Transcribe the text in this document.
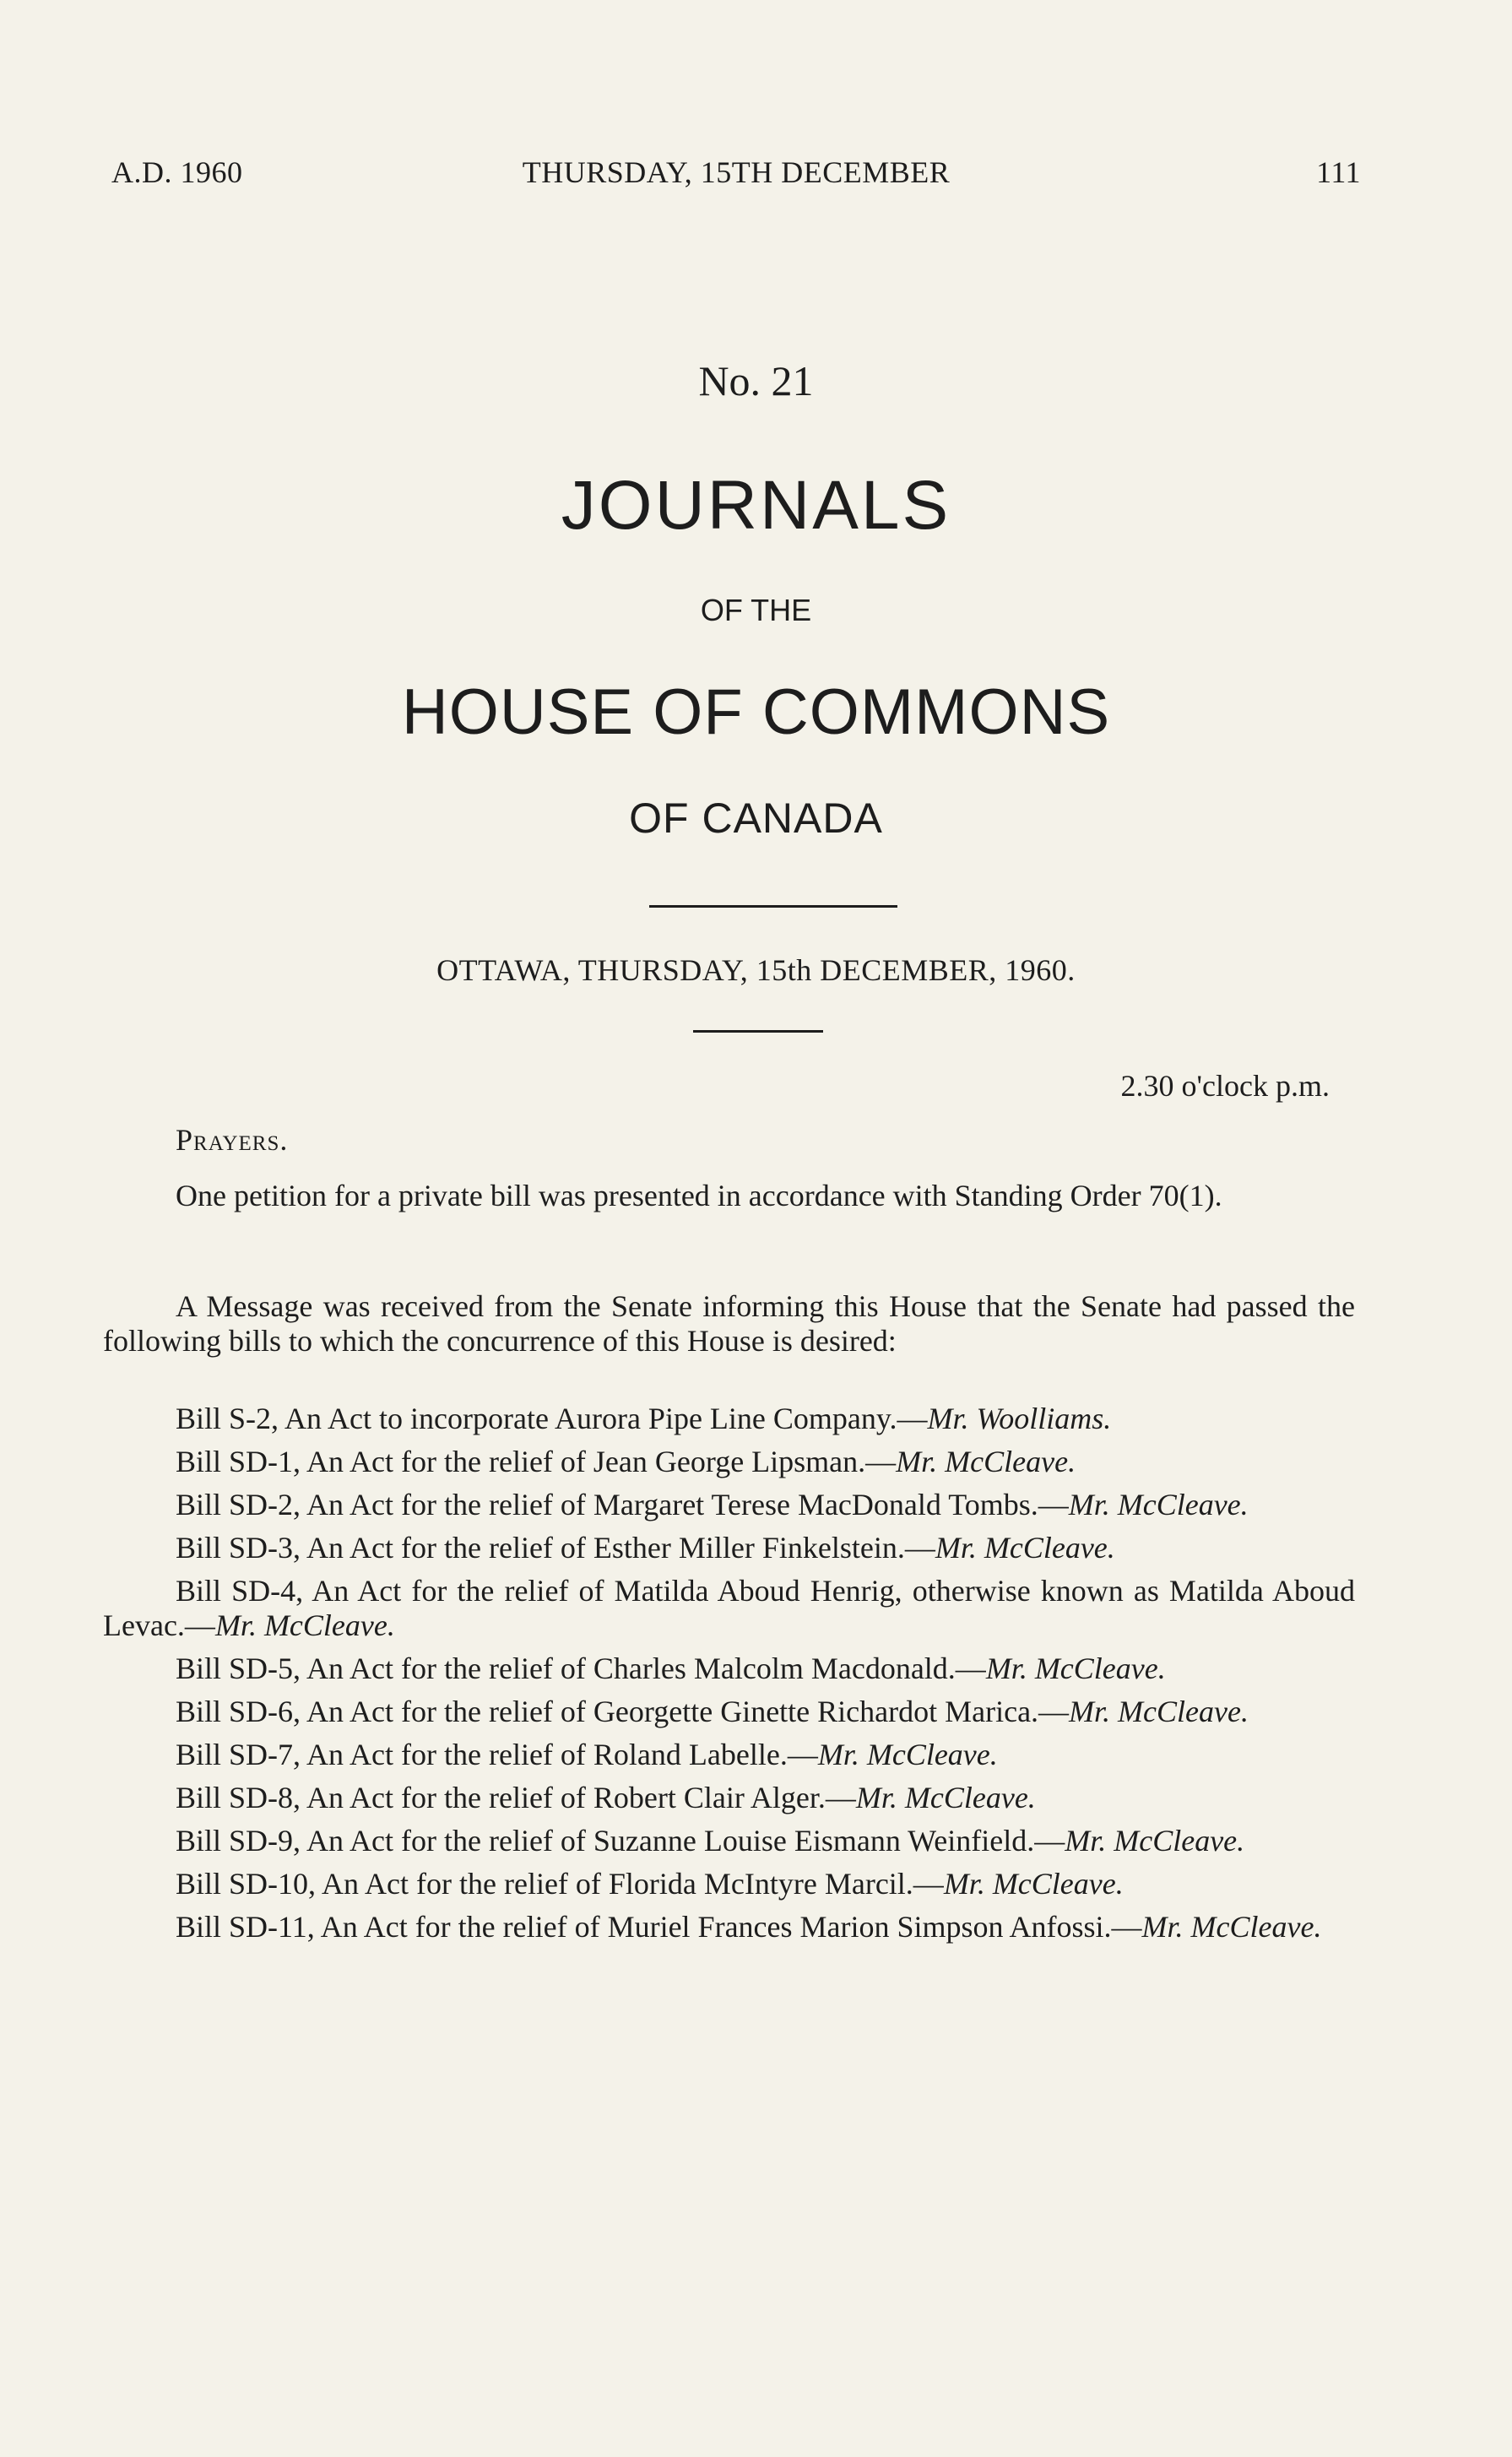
A.D. 1960	THURSDAY, 15TH DECEMBER	111
No. 21
JOURNALS
OF THE
HOUSE OF COMMONS
OF CANADA
OTTAWA, THURSDAY, 15th DECEMBER, 1960.
2.30 o'clock p.m.
Prayers.

One petition for a private bill was presented in accordance with Standing Order 70(1).

A Message was received from the Senate informing this House that the Senate had passed the following bills to which the concurrence of this House is desired:

Bill S-2, An Act to incorporate Aurora Pipe Line Company.—Mr. Woolliams.

Bill SD-1, An Act for the relief of Jean George Lipsman.—Mr. McCleave.

Bill SD-2, An Act for the relief of Margaret Terese MacDonald Tombs.—Mr. McCleave.

Bill SD-3, An Act for the relief of Esther Miller Finkelstein.—Mr. McCleave.

Bill SD-4, An Act for the relief of Matilda Aboud Henrig, otherwise known as Matilda Aboud Levac.—Mr. McCleave.

Bill SD-5, An Act for the relief of Charles Malcolm Macdonald.—Mr. McCleave.

Bill SD-6, An Act for the relief of Georgette Ginette Richardot Marica.—Mr. McCleave.

Bill SD-7, An Act for the relief of Roland Labelle.—Mr. McCleave.

Bill SD-8, An Act for the relief of Robert Clair Alger.—Mr. McCleave.

Bill SD-9, An Act for the relief of Suzanne Louise Eismann Weinfield.—Mr. McCleave.

Bill SD-10, An Act for the relief of Florida McIntyre Marcil.—Mr. McCleave.

Bill SD-11, An Act for the relief of Muriel Frances Marion Simpson Anfossi.—Mr. McCleave.
